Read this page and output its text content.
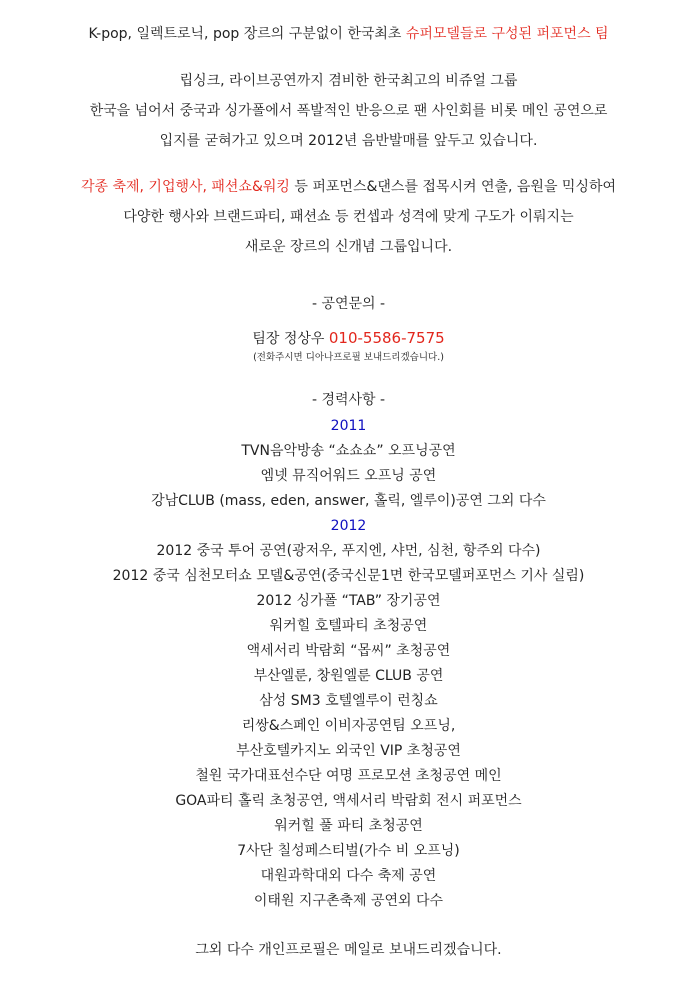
K-pop, 일렉트로닉, pop 장르의 구분없이 한국최초 슈퍼모델들로 구성된 퍼포먼스 팀
립싱크, 라이브공연까지 겸비한 한국최고의 비쥬얼 그룹
한국을 넘어서 중국과 싱가폴에서 폭발적인 반응으로 팬 사인회를 비롯 메인 공연으로
입지를 굳혀가고 있으며 2012년 음반발매를 앞두고 있습니다.
각종 축제, 기업행사, 패션쇼&워킹 등 퍼포먼스&댄스를 접목시켜 연출, 음원을 믹싱하여
다양한 행사와 브랜드파티, 패션쇼 등 컨셉과 성격에 맞게 구도가 이뤄지는
새로운 장르의 신개념 그룹입니다.
- 공연문의 -
팀장 정상우 010-5586-7575
(전화주시면 디아나프로필 보내드리겠습니다.)
- 경력사항 -
2011
TVN음악방송 “쇼쇼쇼” 오프닝공연
엠넷 뮤직어워드 오프닝 공연
강남CLUB (mass, eden, answer, 홀릭, 엘루이)공연 그외 다수
2012
2012 중국 투어 공연(광저우, 푸지엔, 샤먼, 심천, 항주외 다수)
2012 중국 심천모터쇼 모델&공연(중국신문1면 한국모델퍼포먼스 기사 실림)
2012 싱가폴 “TAB” 장기공연
워커힐 호텔파티 초청공연
액세서리 박람회 “몹씨” 초청공연
부산엘룬, 창원엘룬 CLUB 공연
삼성 SM3 호텔엘루이 런칭쇼
리쌍&스페인 이비자공연팀 오프닝,
부산호텔카지노 외국인 VIP 초청공연
철원 국가대표선수단 여명 프로모션 초청공연 메인
GOA파티 홀릭 초청공연, 액세서리 박람회 전시 퍼포먼스
워커힐 풀 파티 초청공연
7사단 칠성페스티벌(가수 비 오프닝)
대원과학대외 다수 축제 공연
이태원 지구촌축제 공연외 다수
그외 다수 개인프로필은 메일로 보내드리겠습니다.
